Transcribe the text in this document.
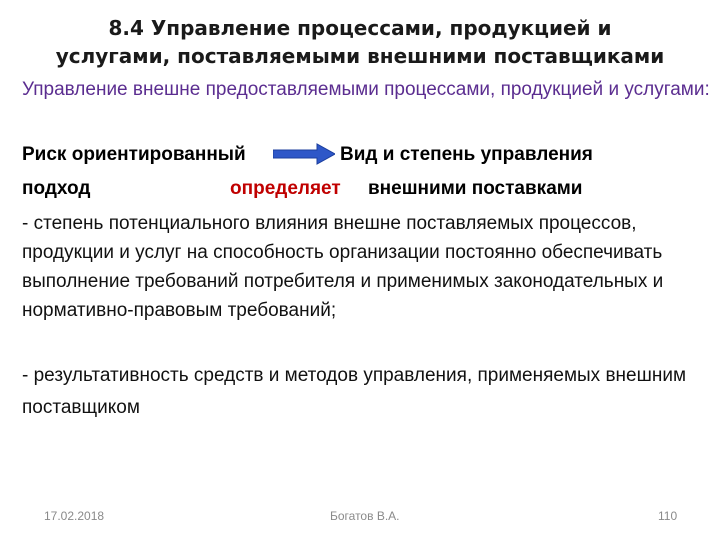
8.4 Управление процессами, продукцией и
услугами, поставляемыми внешними поставщиками
Управление внешне предоставляемыми процессами, продукцией и услугами:
Риск ориентированный	Вид и степень управления
подход	определяет внешними поставками
- степень потенциального влияния внешне поставляемых процессов, продукции и услуг на способность организации постоянно обеспечивать выполнение требований потребителя и применимых законодательных и нормативно-правовым требований;
- результативность средств и методов управления, применяемых внешним поставщиком
17.02.2018	Богатов В.А.	110
